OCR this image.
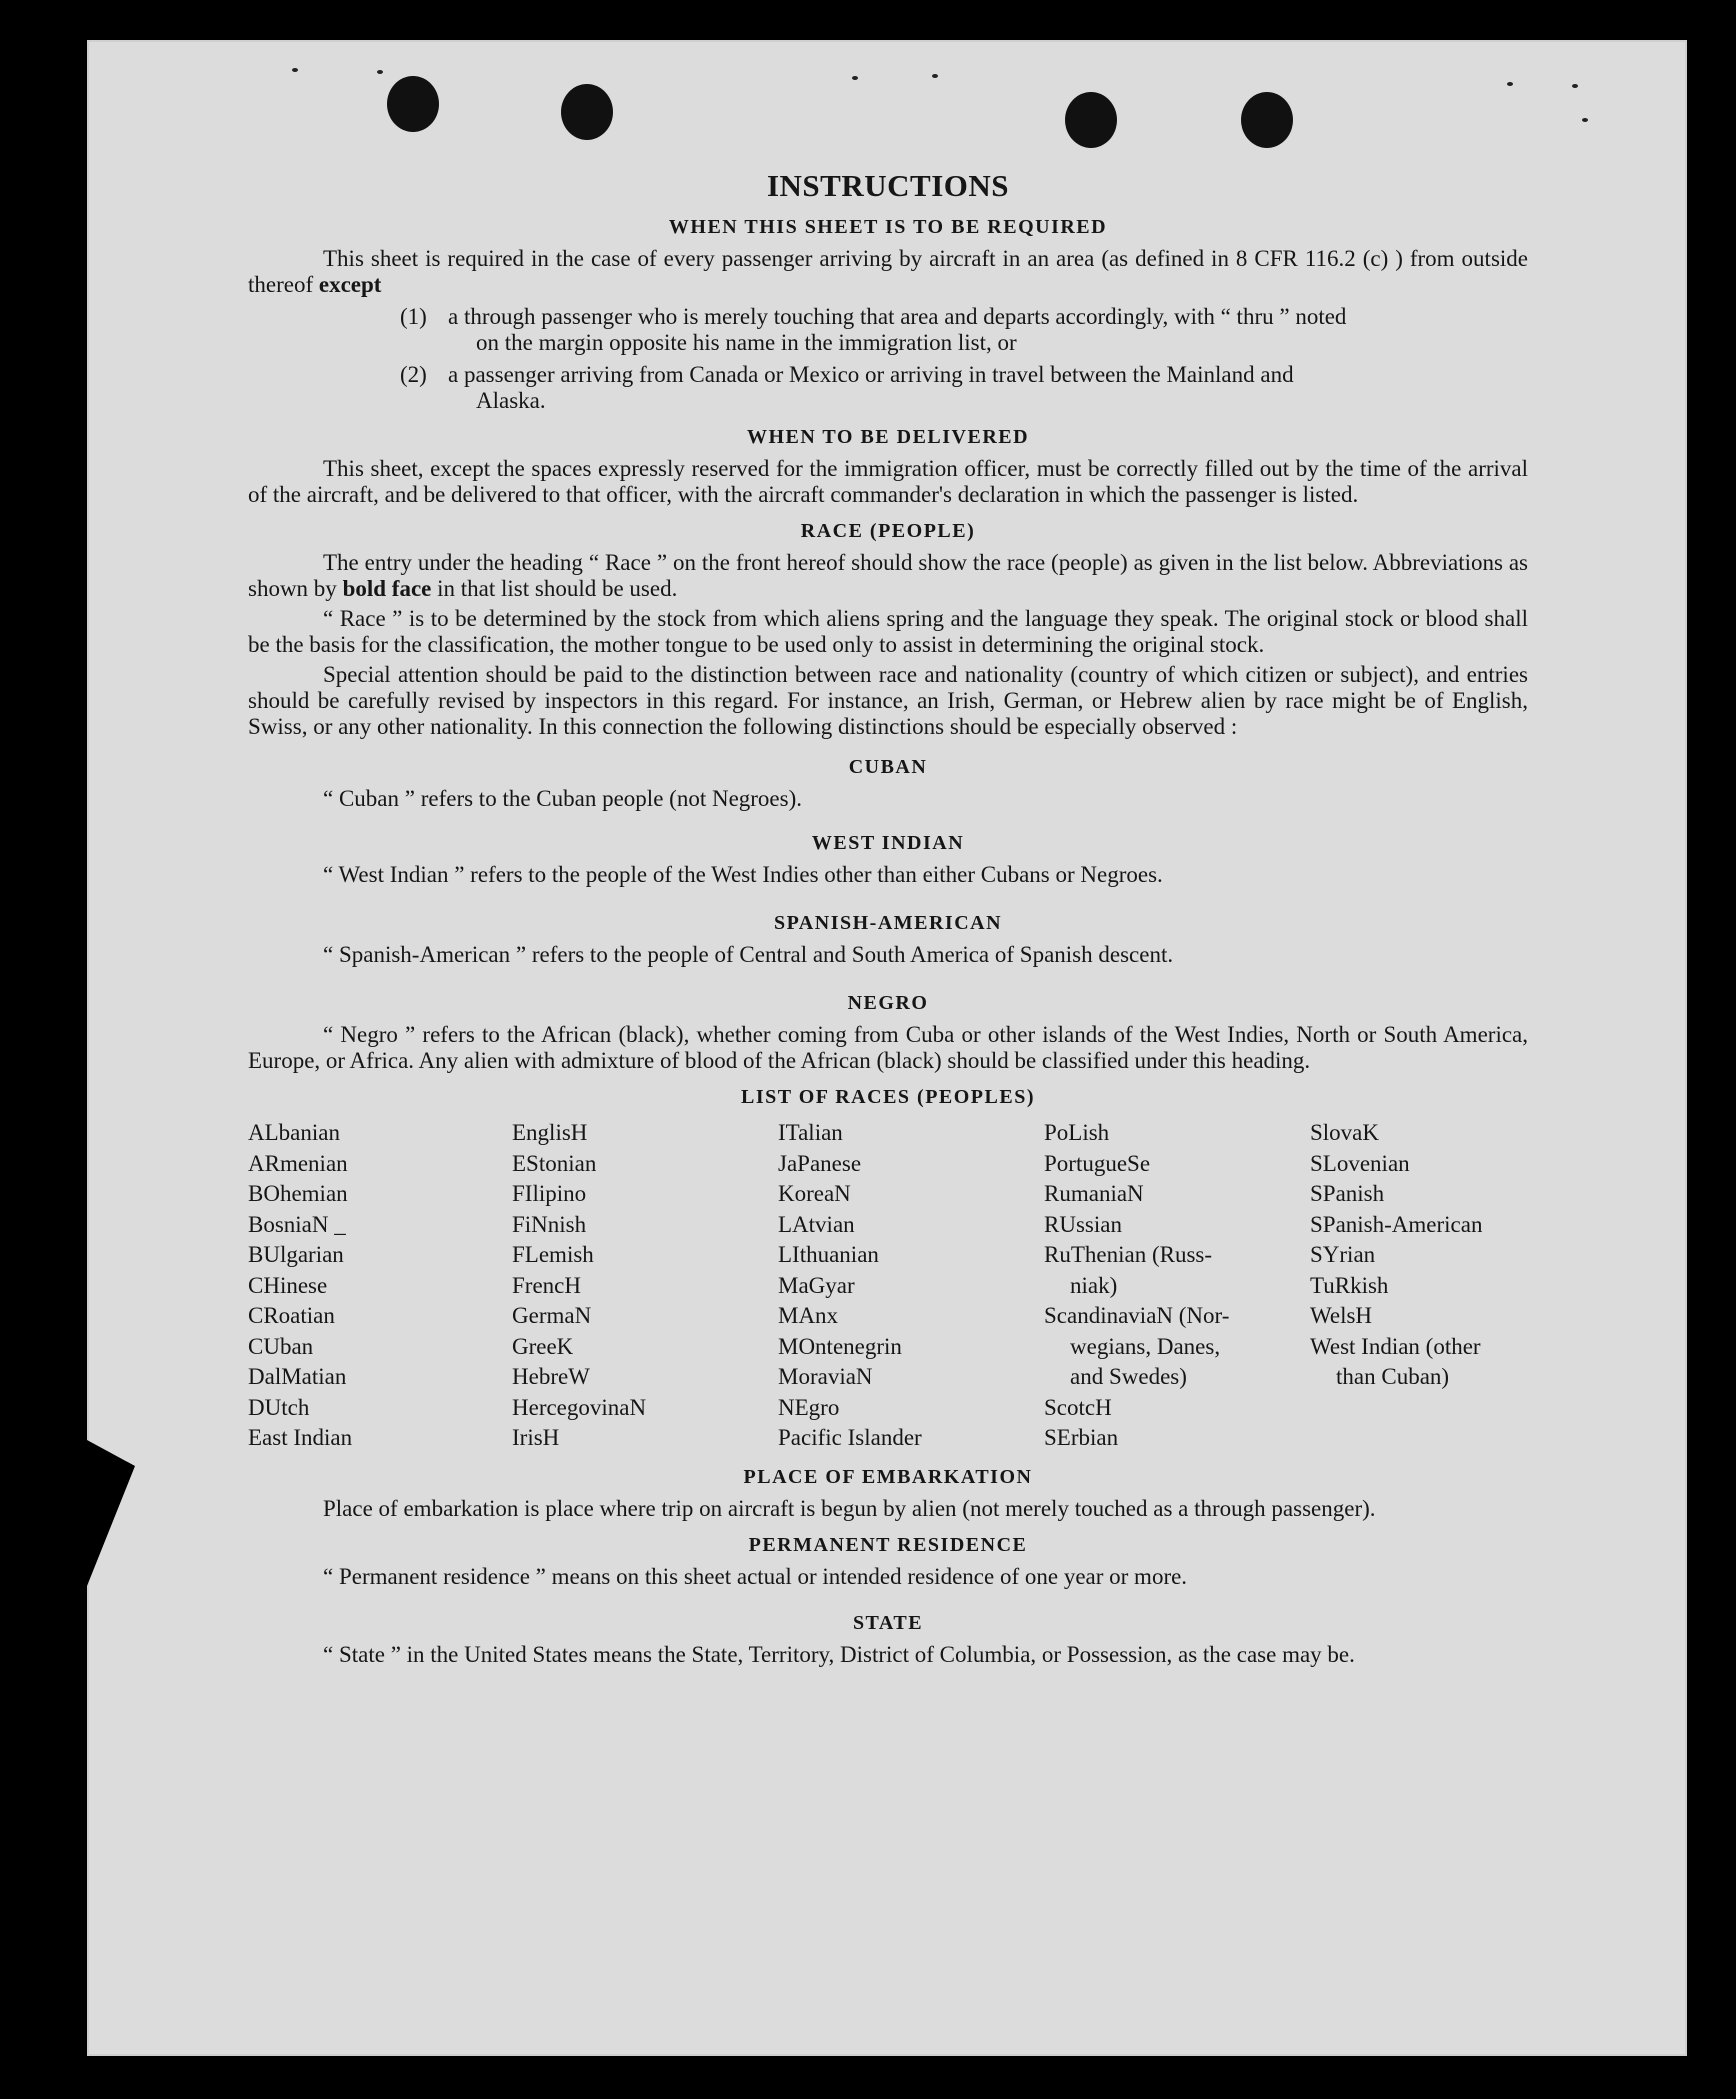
INSTRUCTIONS

WHEN THIS SHEET IS TO BE REQUIRED

This sheet is required in the case of every passenger arriving by aircraft in an area (as defined in 8 CFR 116.2 (c) ) from outside thereof except

(1) a through passenger who is merely touching that area and departs accordingly, with “ thru ” noted
on the margin opposite his name in the immigration list, or
(2) a passenger arriving from Canada or Mexico or arriving in travel between the Mainland and
Alaska.

WHEN TO BE DELIVERED

This sheet, except the spaces expressly reserved for the immigration officer, must be correctly filled out by the time of the arrival of the aircraft, and be delivered to that officer, with the aircraft commander's declaration in which the passenger is listed.

RACE (PEOPLE)

The entry under the heading “ Race ” on the front hereof should show the race (people) as given in the list below. Abbreviations as shown by bold face in that list should be used.

“ Race ” is to be determined by the stock from which aliens spring and the language they speak. The original stock or blood shall be the basis for the classification, the mother tongue to be used only to assist in determining the original stock.

Special attention should be paid to the distinction between race and nationality (country of which citizen or subject), and entries should be carefully revised by inspectors in this regard. For instance, an Irish, German, or Hebrew alien by race might be of English, Swiss, or any other nationality. In this connection the following distinctions should be especially observed :

CUBAN

“ Cuban ” refers to the Cuban people (not Negroes).

WEST INDIAN

“ West Indian ” refers to the people of the West Indies other than either Cubans or Negroes.

SPANISH-AMERICAN

“ Spanish-American ” refers to the people of Central and South America of Spanish descent.

NEGRO

“ Negro ” refers to the African (black), whether coming from Cuba or other islands of the West Indies, North or South America, Europe, or Africa. Any alien with admixture of blood of the African (black) should be classified under this heading.

LIST OF RACES (PEOPLES)

ALbanian
ARmenian
BOhemian
BosniaN _
BUlgarian
CHinese
CRoatian
CUban
DalMatian
DUtch
East Indian
EnglisH
EStonian
FIlipino
FiNnish
FLemish
FrencH
GermaN
GreeK
HebreW
HercegovinaN
IrisH
ITalian
JaPanese
KoreaN
LAtvian
LIthuanian
MaGyar
MAnx
MOntenegrin
MoraviaN
NEgro
Pacific Islander
PoLish
PortugueSe
RumaniaN
RUssian
RuThenian (Russ-
niak)
ScandinaviaN (Nor-
wegians, Danes,
and Swedes)
ScotcH
SErbian
SlovaK
SLovenian
SPanish
SPanish-American
SYrian
TuRkish
WelsH
West Indian (other
than Cuban)

PLACE OF EMBARKATION

Place of embarkation is place where trip on aircraft is begun by alien (not merely touched as a through passenger).

PERMANENT RESIDENCE

“ Permanent residence ” means on this sheet actual or intended residence of one year or more.

STATE

“ State ” in the United States means the State, Territory, District of Columbia, or Possession, as the case may be.
